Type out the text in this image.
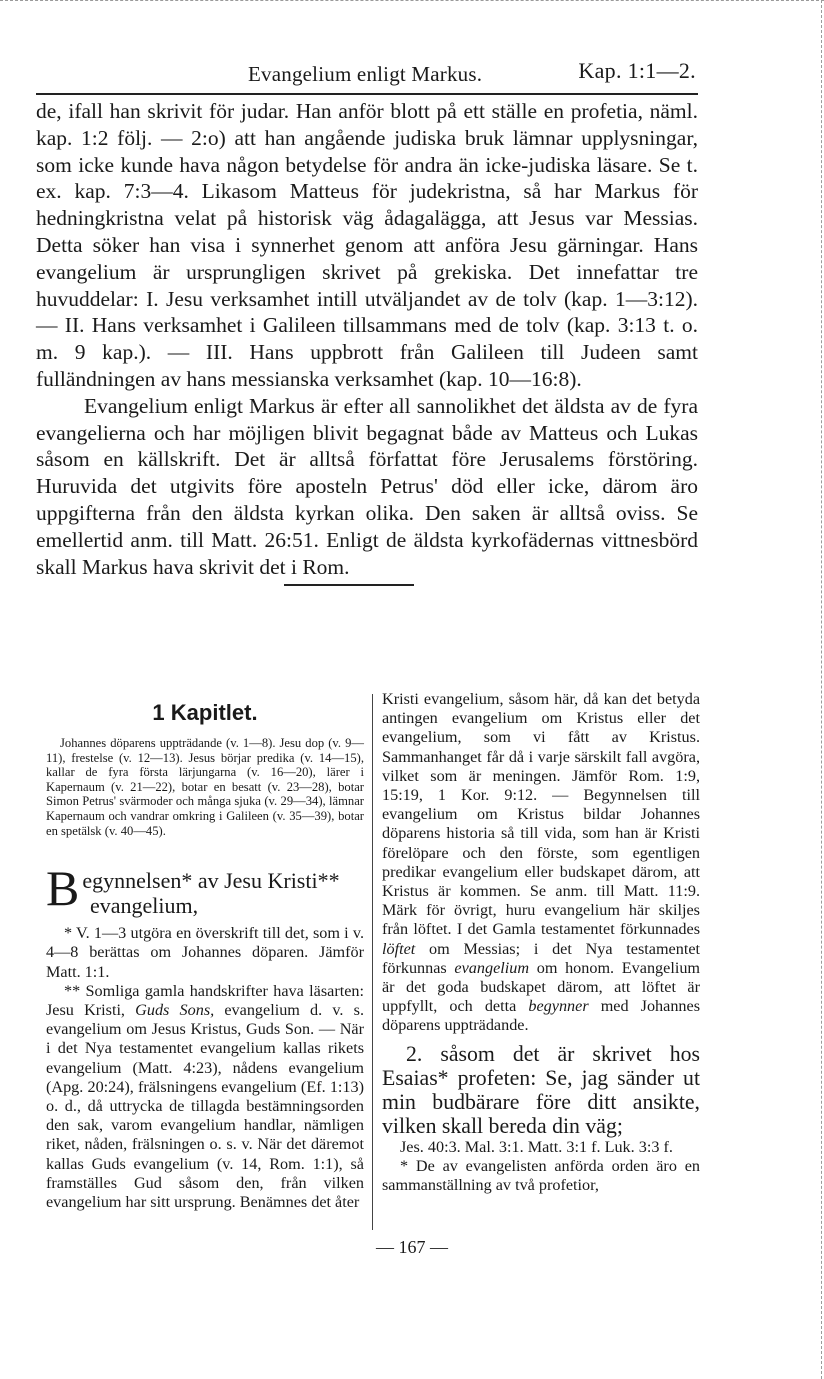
Evangelium enligt Markus.	Kap. 1:1—2.

de, ifall han skrivit för judar. Han anför blott på ett ställe en profetia, näml. kap. 1:2 följ. — 2:o) att han angående judiska bruk lämnar upplysningar, som icke kunde hava någon betydelse för andra än icke-judiska läsare. Se t. ex. kap. 7:3—4. Likasom Matteus för judekristna, så har Markus för hedningkristna velat på historisk väg ådagalägga, att Jesus var Messias. Detta söker han visa i synnerhet genom att anföra Jesu gärningar. Hans evangelium är ursprungligen skrivet på grekiska. Det innefattar tre huvuddelar: I. Jesu verksamhet intill utväljandet av de tolv (kap. 1—3:12). — II. Hans verksamhet i Galileen tillsammans med de tolv (kap. 3:13 t. o. m. 9 kap.). — III. Hans uppbrott från Galileen till Judeen samt fulländningen av hans messianska verksamhet (kap. 10—16:8).

Evangelium enligt Markus är efter all sannolikhet det äldsta av de fyra evangelierna och har möjligen blivit begagnat både av Matteus och Lukas såsom en källskrift. Det är alltså författat före Jerusalems förstöring. Huruvida det utgivits före aposteln Petrus' död eller icke, därom äro uppgifterna från den äldsta kyrkan olika. Den saken är alltså oviss. Se emellertid anm. till Matt. 26:51. Enligt de äldsta kyrkofädernas vittnesbörd skall Markus hava skrivit det i Rom.

1 Kapitlet.

Johannes döparens uppträdande (v. 1—8). Jesu dop (v. 9—11), frestelse (v. 12—13). Jesus börjar predika (v. 14—15), kallar de fyra första lärjungarna (v. 16—20), lärer i Kapernaum (v. 21—22), botar en besatt (v. 23—28), botar Simon Petrus' svärmoder och många sjuka (v. 29—34), lämnar Kapernaum och vandrar omkring i Galileen (v. 35—39), botar en spetälsk (v. 40—45).

B egynnelsen* av Jesu Kristi**
evangelium,

* V. 1—3 utgöra en överskrift till det, som i v. 4—8 berättas om Johannes döparen. Jämför Matt. 1:1.

** Somliga gamla handskrifter hava läsarten: Jesu Kristi, Guds Sons, evangelium d. v. s. evangelium om Jesus Kristus, Guds Son. — När i det Nya testamentet evangelium kallas rikets evangelium (Matt. 4:23), nådens evangelium (Apg. 20:24), frälsningens evangelium (Ef. 1:13) o. d., då uttryckа de tillagda bestämningsorden den sak, varom evangelium handlar, nämligen riket, nåden, frälsningen o. s. v. När det däremot kallas Guds evangelium (v. 14, Rom. 1:1), så framställes Gud såsom den, från vilken evangelium har sitt ursprung. Benämnes det åter

Kristi evangelium, såsom här, då kan det betyda antingen evangelium om Kristus eller det evangelium, som vi fått av Kristus. Sammanhanget får då i varje särskilt fall avgöra, vilket som är meningen. Jämför Rom. 1:9, 15:19, 1 Kor. 9:12. — Begynnelsen till evangelium om Kristus bildar Johannes döparens historia så till vida, som han är Kristi förelöpare och den förste, som egentligen predikar evangelium eller budskapet därom, att Kristus är kommen. Se anm. till Matt. 11:9. Märk för övrigt, huru evangelium här skiljes från löftet. I det Gamla testamentet förkunnades löftet om Messias; i det Nya testamentet förkunnas evangelium om honom. Evangelium är det goda budskapet därom, att löftet är uppfyllt, och detta begynner med Johannes döparens uppträdande.

2. såsom det är skrivet hos Esaias* profeten: Se, jag sänder ut min budbärare före ditt ansikte, vilken skall bereda din väg;

Jes. 40:3. Mal. 3:1. Matt. 3:1 f. Luk. 3:3 f.

* De av evangelisten anförda orden äro en sammanställning av två profetior,

— 167 —
